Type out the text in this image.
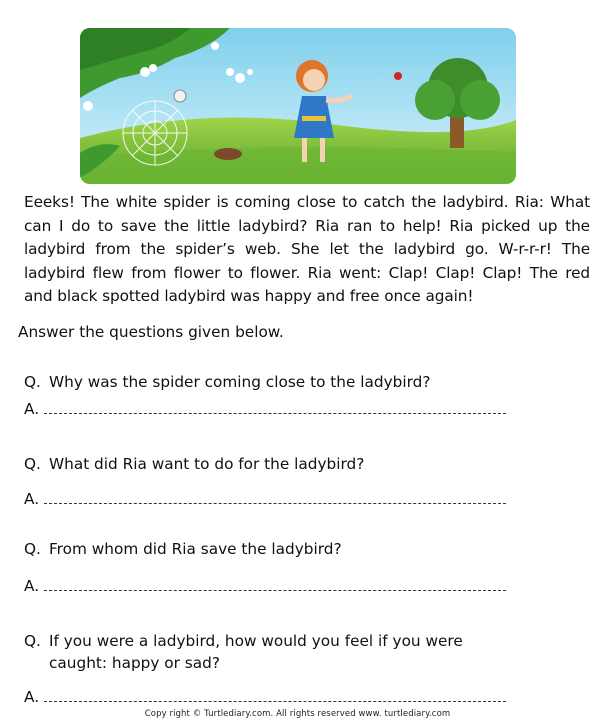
Eeeks! The white spider is coming close to catch the ladybird. Ria: What can I do to save the little ladybird? Ria ran to help! Ria picked up the ladybird from the spider’s web. She let the ladybird go. W-r-r-r! The ladybird flew from flower to flower. Ria went: Clap! Clap! Clap! The red and black spotted ladybird was happy and free once again!
Answer the questions given below.
Q. Why was the spider coming close to the ladybird?
A.
Q. What did Ria want to do for the ladybird?
A.
Q. From whom did Ria save the ladybird?
A.
Q. If you were a ladybird, how would you feel if you were caught: happy or sad?
A.
Copy right © Turtlediary.com. All rights reserved www. turtlediary.com
